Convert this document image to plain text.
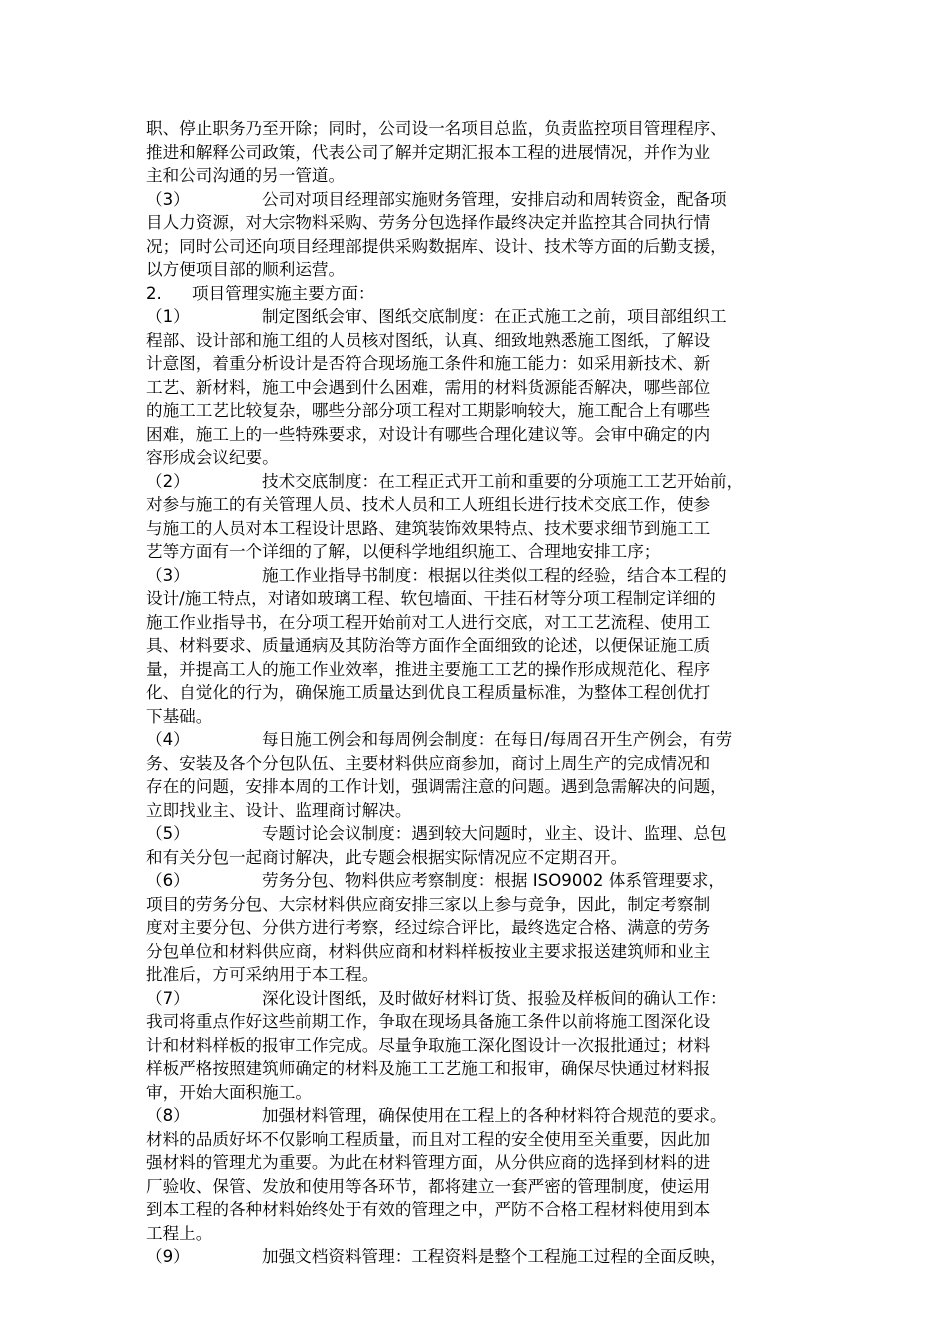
职、停止职务乃至开除；同时，公司设一名项目总监，负责监控项目管理程序、
推进和解释公司政策，代表公司了解并定期汇报本工程的进展情况，并作为业
主和公司沟通的另一管道。
（3）	公司对项目经理部实施财务管理，安排启动和周转资金，配备项
目人力资源，对大宗物料采购、劳务分包选择作最终决定并监控其合同执行情
况；同时公司还向项目经理部提供采购数据库、设计、技术等方面的后勤支援，
以方便项目部的顺利运营。
2. 项目管理实施主要方面：
（1）	制定图纸会审、图纸交底制度：在正式施工之前，项目部组织工
程部、设计部和施工组的人员核对图纸，认真、细致地熟悉施工图纸，了解设
计意图，着重分析设计是否符合现场施工条件和施工能力：如采用新技术、新
工艺、新材料，施工中会遇到什么困难，需用的材料货源能否解决，哪些部位
的施工工艺比较复杂，哪些分部分项工程对工期影响较大，施工配合上有哪些
困难，施工上的一些特殊要求，对设计有哪些合理化建议等。会审中确定的内
容形成会议纪要。
（2）	技术交底制度：在工程正式开工前和重要的分项施工工艺开始前，
对参与施工的有关管理人员、技术人员和工人班组长进行技术交底工作，使参
与施工的人员对本工程设计思路、建筑装饰效果特点、技术要求细节到施工工
艺等方面有一个详细的了解，以便科学地组织施工、合理地安排工序；
（3）	施工作业指导书制度：根据以往类似工程的经验，结合本工程的
设计/施工特点，对诸如玻璃工程、软包墙面、干挂石材等分项工程制定详细的
施工作业指导书，在分项工程开始前对工人进行交底，对工工艺流程、使用工
具、材料要求、质量通病及其防治等方面作全面细致的论述，以便保证施工质
量，并提高工人的施工作业效率，推进主要施工工艺的操作形成规范化、程序
化、自觉化的行为，确保施工质量达到优良工程质量标准，为整体工程创优打
下基础。
（4）	每日施工例会和每周例会制度：在每日/每周召开生产例会，有劳
务、安装及各个分包队伍、主要材料供应商参加，商讨上周生产的完成情况和
存在的问题，安排本周的工作计划，强调需注意的问题。遇到急需解决的问题，
立即找业主、设计、监理商讨解决。
（5）	专题讨论会议制度：遇到较大问题时，业主、设计、监理、总包
和有关分包一起商讨解决，此专题会根据实际情况应不定期召开。
（6）	劳务分包、物料供应考察制度：根据 ISO9002 体系管理要求，
项目的劳务分包、大宗材料供应商安排三家以上参与竞争，因此，制定考察制
度对主要分包、分供方进行考察，经过综合评比，最终选定合格、满意的劳务
分包单位和材料供应商，材料供应商和材料样板按业主要求报送建筑师和业主
批准后，方可采纳用于本工程。
（7）	深化设计图纸，及时做好材料订货、报验及样板间的确认工作：
我司将重点作好这些前期工作，争取在现场具备施工条件以前将施工图深化设
计和材料样板的报审工作完成。尽量争取施工深化图设计一次报批通过；材料
样板严格按照建筑师确定的材料及施工工艺施工和报审，确保尽快通过材料报
审，开始大面积施工。
（8）	加强材料管理，确保使用在工程上的各种材料符合规范的要求。
材料的品质好坏不仅影响工程质量，而且对工程的安全使用至关重要，因此加
强材料的管理尤为重要。为此在材料管理方面，从分供应商的选择到材料的进
厂验收、保管、发放和使用等各环节，都将建立一套严密的管理制度，使运用
到本工程的各种材料始终处于有效的管理之中，严防不合格工程材料使用到本
工程上。
（9）	加强文档资料管理：工程资料是整个工程施工过程的全面反映，
